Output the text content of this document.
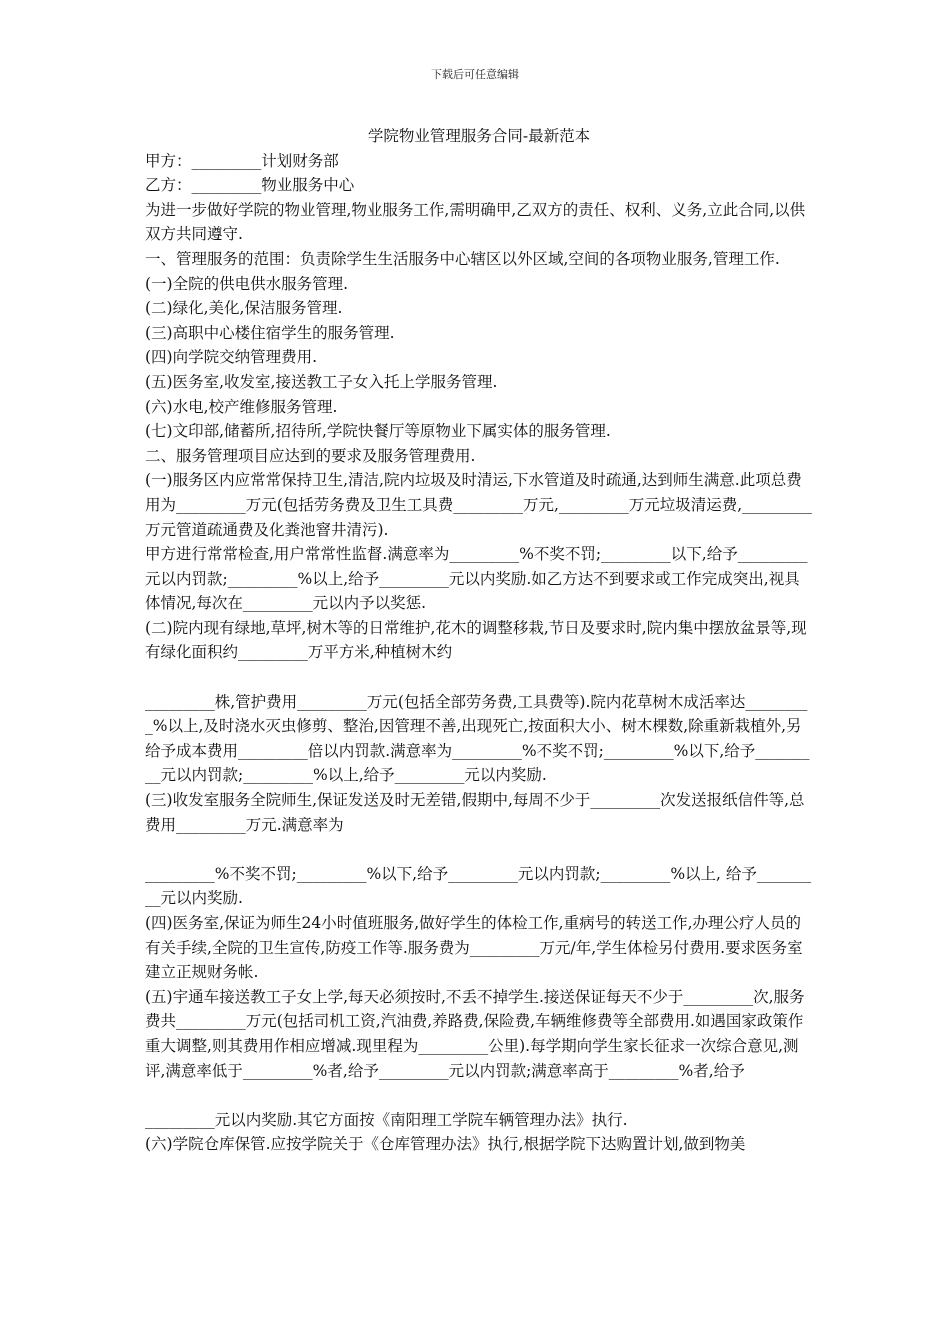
下载后可任意编辑

学院物业管理服务合同-最新范本

甲方：_________计划财务部

乙方：_________物业服务中心

为进一步做好学院的物业管理,物业服务工作,需明确甲,乙双方的责任、权利、义务,立此合同,以供双方共同遵守.

一、管理服务的范围：负责除学生生活服务中心辖区以外区域,空间的各项物业服务,管理工作.

(一)全院的供电供水服务管理.

(二)绿化,美化,保洁服务管理.

(三)高职中心楼住宿学生的服务管理.

(四)向学院交纳管理费用.

(五)医务室,收发室,接送教工子女入托上学服务管理.

(六)水电,校产维修服务管理.

(七)文印部,储蓄所,招待所,学院快餐厅等原物业下属实体的服务管理.

二、服务管理项目应达到的要求及服务管理费用.

(一)服务区内应常常保持卫生,清洁,院内垃圾及时清运,下水管道及时疏通,达到师生满意.此项总费用为_________万元(包括劳务费及卫生工具费_________万元,_________万元垃圾清运费,_________万元管道疏通费及化粪池窨井清污).

甲方进行常常检查,用户常常性监督.满意率为_________%不奖不罚;_________以下,给予_________元以内罚款;_________%以上,给予_________元以内奖励.如乙方达不到要求或工作完成突出,视具体情况,每次在_________元以内予以奖惩.

(二)院内现有绿地,草坪,树木等的日常维护,花木的调整移栽,节日及要求时,院内集中摆放盆景等,现有绿化面积约_________万平方米,种植树木约

_________株,管护费用_________万元(包括全部劳务费,工具费等).院内花草树木成活率达_________%以上,及时浇水灭虫修剪、整治,因管理不善,出现死亡,按面积大小、树木棵数,除重新栽植外,另给予成本费用_________倍以内罚款.满意率为_________%不奖不罚;_________%以下,给予_________元以内罚款;_________%以上,给予_________元以内奖励.

(三)收发室服务全院师生,保证发送及时无差错,假期中,每周不少于_________次发送报纸信件等,总费用_________万元.满意率为

_________%不奖不罚;_________%以下,给予_________元以内罚款;_________%以上, 给予_________元以内奖励.

(四)医务室,保证为师生24小时值班服务,做好学生的体检工作,重病号的转送工作,办理公疗人员的有关手续,全院的卫生宣传,防疫工作等.服务费为_________万元/年,学生体检另付费用.要求医务室建立正规财务帐.

(五)宇通车接送教工子女上学,每天必须按时,不丢不掉学生.接送保证每天不少于_________次,服务费共_________万元(包括司机工资,汽油费,养路费,保险费,车辆维修费等全部费用.如遇国家政策作重大调整,则其费用作相应增减.现里程为_________公里).每学期向学生家长征求一次综合意见,测评,满意率低于_________%者,给予_________元以内罚款;满意率高于_________%者,给予

_________元以内奖励.其它方面按《南阳理工学院车辆管理办法》执行.

(六)学院仓库保管.应按学院关于《仓库管理办法》执行,根据学院下达购置计划,做到物美
